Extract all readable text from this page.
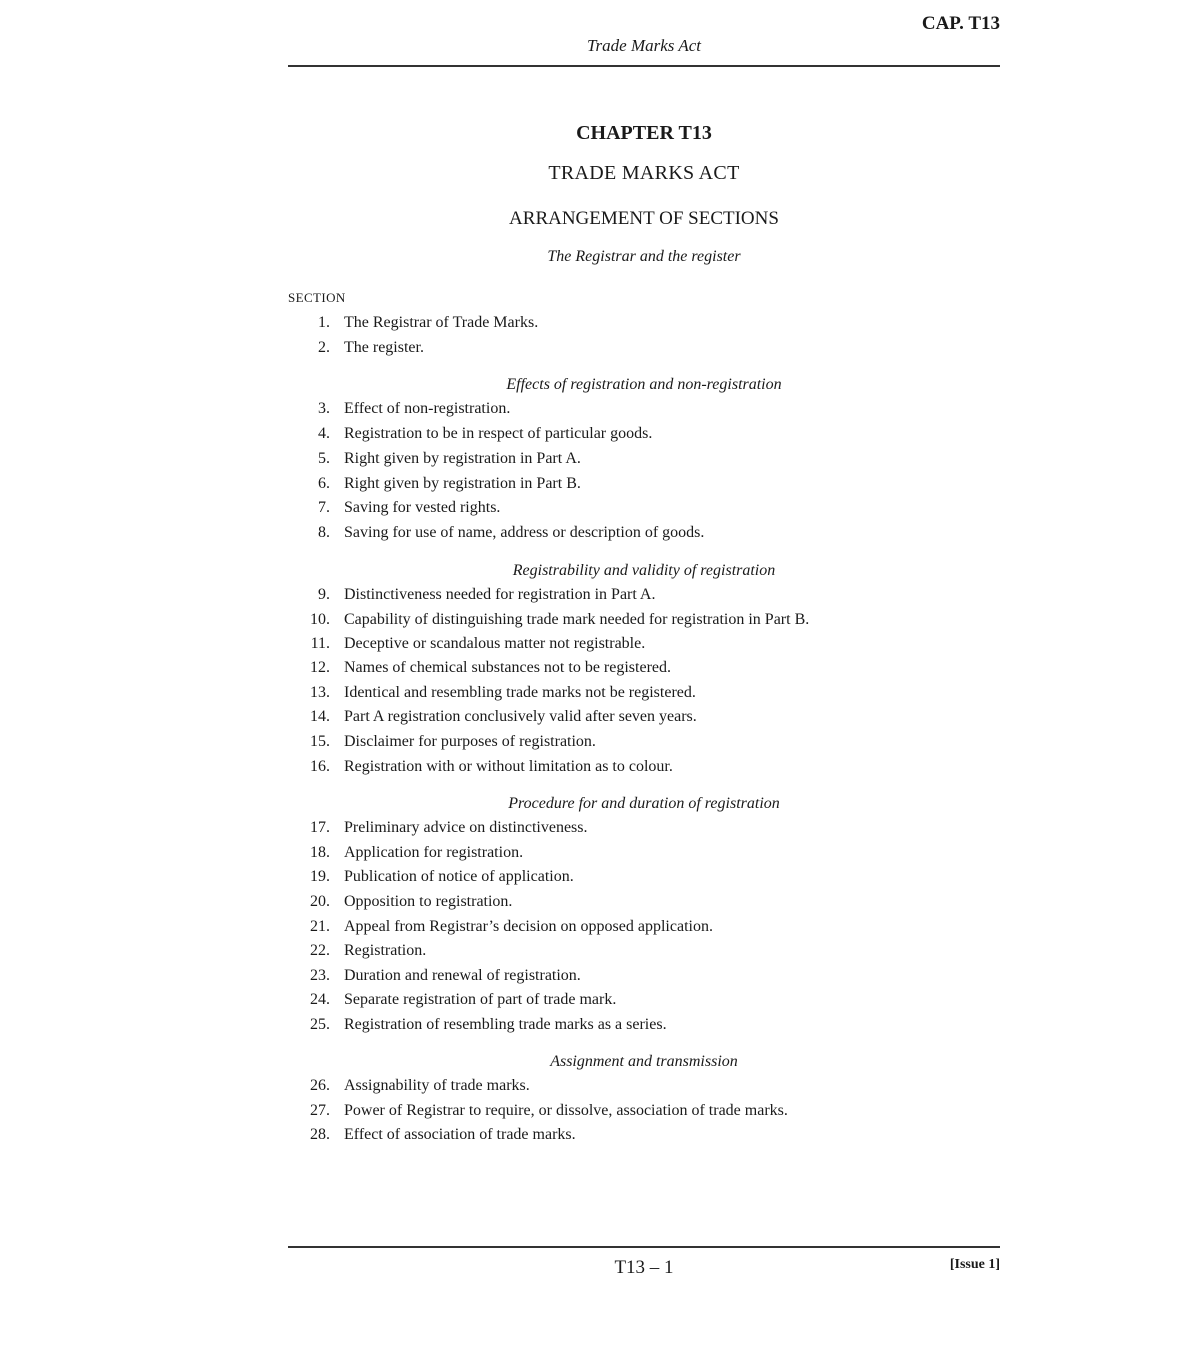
CAP. T13
Trade Marks Act
CHAPTER T13
TRADE MARKS ACT
ARRANGEMENT OF SECTIONS
The Registrar and the register
SECTION
1. The Registrar of Trade Marks.
2. The register.
Effects of registration and non-registration
3. Effect of non-registration.
4. Registration to be in respect of particular goods.
5. Right given by registration in Part A.
6. Right given by registration in Part B.
7. Saving for vested rights.
8. Saving for use of name, address or description of goods.
Registrability and validity of registration
9. Distinctiveness needed for registration in Part A.
10. Capability of distinguishing trade mark needed for registration in Part B.
11. Deceptive or scandalous matter not registrable.
12. Names of chemical substances not to be registered.
13. Identical and resembling trade marks not be registered.
14. Part A registration conclusively valid after seven years.
15. Disclaimer for purposes of registration.
16. Registration with or without limitation as to colour.
Procedure for and duration of registration
17. Preliminary advice on distinctiveness.
18. Application for registration.
19. Publication of notice of application.
20. Opposition to registration.
21. Appeal from Registrar’s decision on opposed application.
22. Registration.
23. Duration and renewal of registration.
24. Separate registration of part of trade mark.
25. Registration of resembling trade marks as a series.
Assignment and transmission
26. Assignability of trade marks.
27. Power of Registrar to require, or dissolve, association of trade marks.
28. Effect of association of trade marks.
T13 – 1	[Issue 1]
